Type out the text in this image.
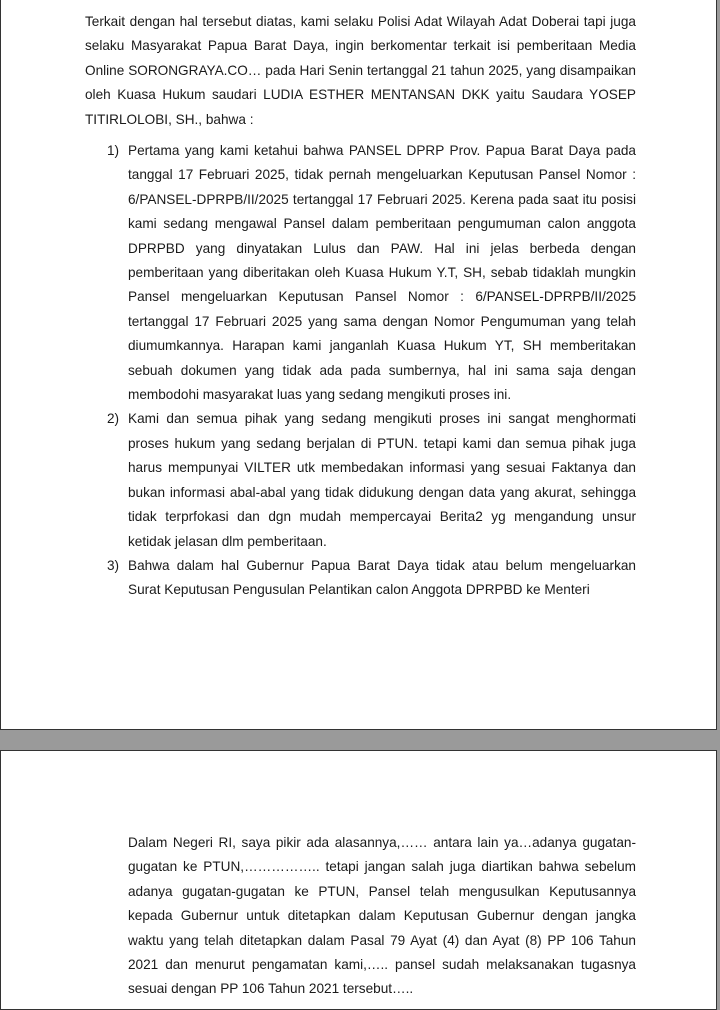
Terkait dengan hal tersebut diatas, kami selaku Polisi Adat Wilayah Adat Doberai tapi juga selaku Masyarakat Papua Barat Daya, ingin berkomentar terkait isi pemberitaan Media Online SORONGRAYA.CO… pada Hari Senin tertanggal 21 tahun 2025, yang disampaikan oleh Kuasa Hukum saudari LUDIA ESTHER MENTANSAN DKK yaitu Saudara YOSEP TITIRLOLOBI, SH., bahwa :

1) Pertama yang kami ketahui bahwa PANSEL DPRP Prov. Papua Barat Daya pada tanggal 17 Februari 2025, tidak pernah mengeluarkan Keputusan Pansel Nomor : 6/PANSEL-DPRPB/II/2025 tertanggal 17 Februari 2025. Kerena pada saat itu posisi kami sedang mengawal Pansel dalam pemberitaan pengumuman calon anggota DPRPBD yang dinyatakan Lulus dan PAW. Hal ini jelas berbeda dengan pemberitaan yang diberitakan oleh Kuasa Hukum Y.T, SH, sebab tidaklah mungkin Pansel mengeluarkan Keputusan Pansel Nomor : 6/PANSEL-DPRPB/II/2025 tertanggal 17 Februari 2025 yang sama dengan Nomor Pengumuman yang telah diumumkannya. Harapan kami janganlah Kuasa Hukum YT, SH memberitakan sebuah dokumen yang tidak ada pada sumbernya, hal ini sama saja dengan membodohi masyarakat luas yang sedang mengikuti proses ini.
2) Kami dan semua pihak yang sedang mengikuti proses ini sangat menghormati proses hukum yang sedang berjalan di PTUN. tetapi kami dan semua pihak juga harus mempunyai VILTER utk membedakan informasi yang sesuai Faktanya dan bukan informasi abal-abal yang tidak didukung dengan data yang akurat, sehingga tidak terprfokasi dan dgn mudah mempercayai Berita2 yg mengandung unsur ketidak jelasan dlm pemberitaan.
3) Bahwa dalam hal Gubernur Papua Barat Daya tidak atau belum mengeluarkan Surat Keputusan Pengusulan Pelantikan calon Anggota DPRPBD ke Menteri

Dalam Negeri RI, saya pikir ada alasannya,…… antara lain ya…adanya gugatan-gugatan ke PTUN,…………….. tetapi jangan salah juga diartikan bahwa sebelum adanya gugatan-gugatan ke PTUN, Pansel telah mengusulkan Keputusannya kepada Gubernur untuk ditetapkan dalam Keputusan Gubernur dengan jangka waktu yang telah ditetapkan dalam Pasal 79 Ayat (4) dan Ayat (8) PP 106 Tahun 2021 dan menurut pengamatan kami,….. pansel sudah melaksanakan tugasnya sesuai dengan PP 106 Tahun 2021 tersebut…..
